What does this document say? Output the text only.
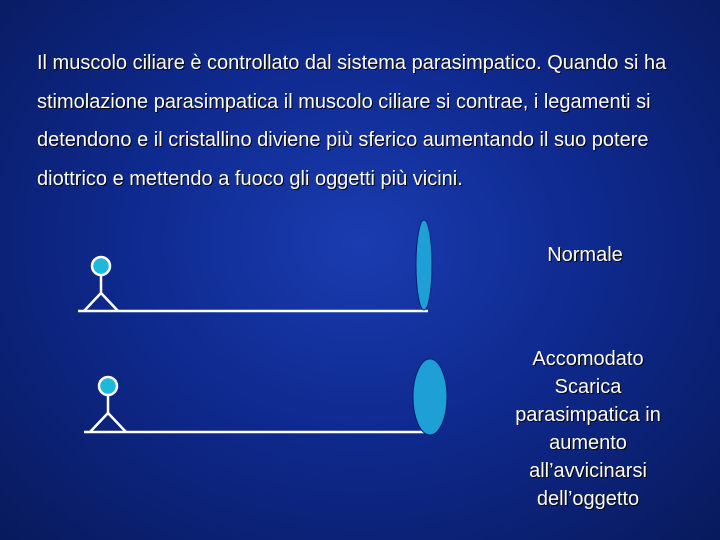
Il muscolo ciliare è controllato dal sistema parasimpatico. Quando si ha stimolazione parasimpatica il muscolo ciliare si contrae, i legamenti si detendono e il cristallino diviene più sferico aumentando il suo potere diottrico e mettendo a fuoco gli oggetti più vicini.

Normale
Accomodato
Scarica
parasimpatica in
aumento
all’avvicinarsi
dell’oggetto
